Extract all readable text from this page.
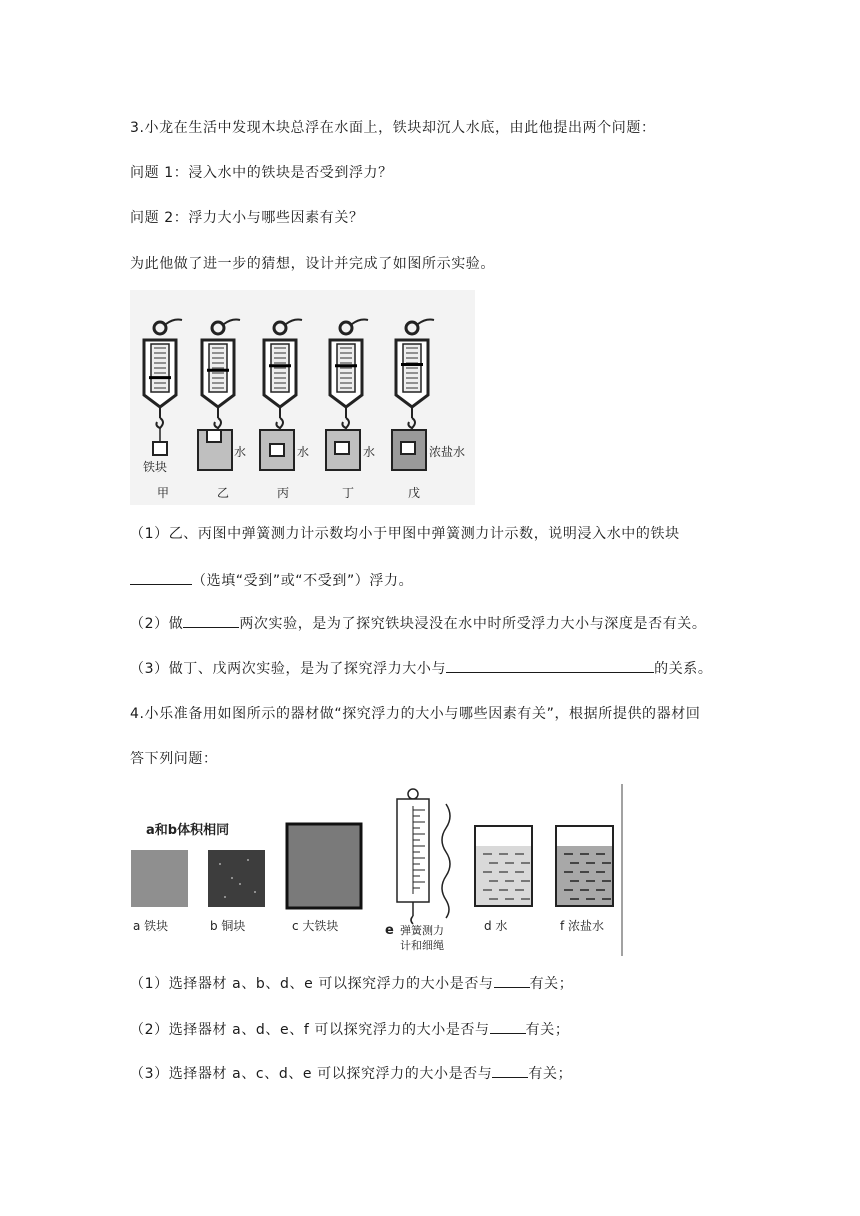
3.小龙在生活中发现木块总浮在水面上，铁块却沉人水底，由此他提出两个问题：
问题 1：浸入水中的铁块是否受到浮力？
问题 2：浮力大小与哪些因素有关？
为此他做了进一步的猜想，设计并完成了如图所示实验。
铁块
水	水	水	浓盐水
甲	乙	丙	丁	戊
（1）乙、丙图中弹簧测力计示数均小于甲图中弹簧测力计示数，说明浸入水中的铁块
（选填“受到”或“不受到”）浮力。
（2）做	两次实验，是为了探究铁块浸没在水中时所受浮力大小与深度是否有关。
（3）做丁、戊两次实验，是为了探究浮力大小与	的关系。
4.小乐准备用如图所示的器材做“探究浮力的大小与哪些因素有关”，根据所提供的器材回
答下列问题：
a和b体积相同
a 铁块	b 铜块	c 大铁块	e 弹簧测力
计和细绳
d 水	f 浓盐水
（1）选择器材 a、b、d、e 可以探究浮力的大小是否与	有关；
（2）选择器材 a、d、e、f 可以探究浮力的大小是否与	有关；
（3）选择器材 a、c、d、e 可以探究浮力的大小是否与	有关；
